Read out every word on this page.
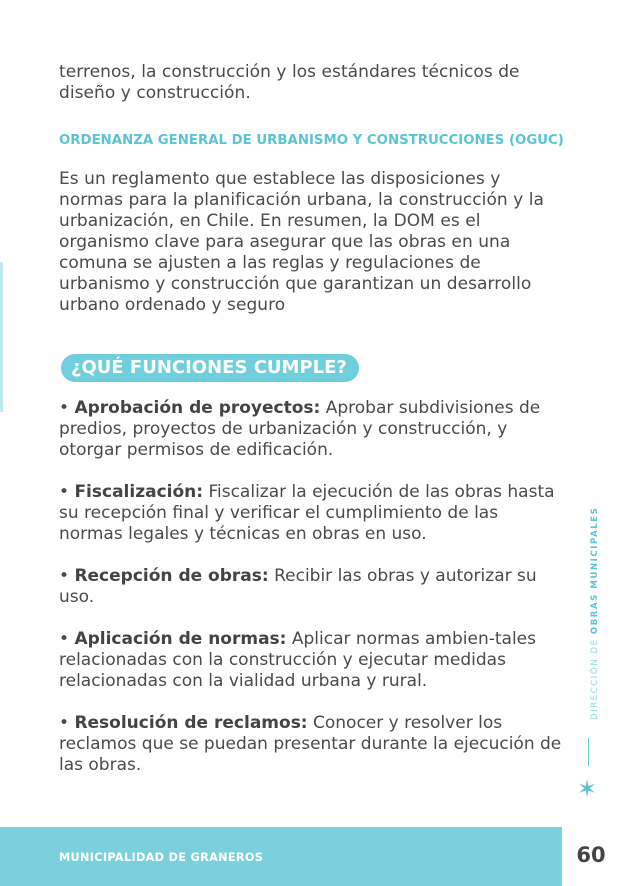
terrenos, la construcción y los estándares técnicos de diseño y construcción.

ORDENANZA GENERAL DE URBANISMO Y CONSTRUCCIONES (OGUC)

Es un reglamento que establece las disposiciones y normas para la planificación urbana, la construcción y la urbanización, en Chile. En resumen, la DOM es el organismo clave para asegurar que las obras en una comuna se ajusten a las reglas y regulaciones de urbanismo y construcción que garantizan un desarrollo urbano ordenado y seguro

¿QUÉ FUNCIONES CUMPLE?

• Aprobación de proyectos: Aprobar subdivisiones de predios, proyectos de urbanización y construcción, y otorgar permisos de edificación.

• Fiscalización: Fiscalizar la ejecución de las obras hasta su recepción final y verificar el cumplimiento de las normas legales y técnicas en obras en uso.

• Recepción de obras: Recibir las obras y autorizar su uso.

• Aplicación de normas: Aplicar normas ambien-tales relacionadas con la construcción y ejecutar medidas relacionadas con la vialidad urbana y rural.

• Resolución de reclamos: Conocer y resolver los reclamos que se puedan presentar durante la ejecución de las obras.

DIRECCIÓN DE OBRAS MUNICIPALES
✶
MUNICIPALIDAD DE GRANEROS	60
